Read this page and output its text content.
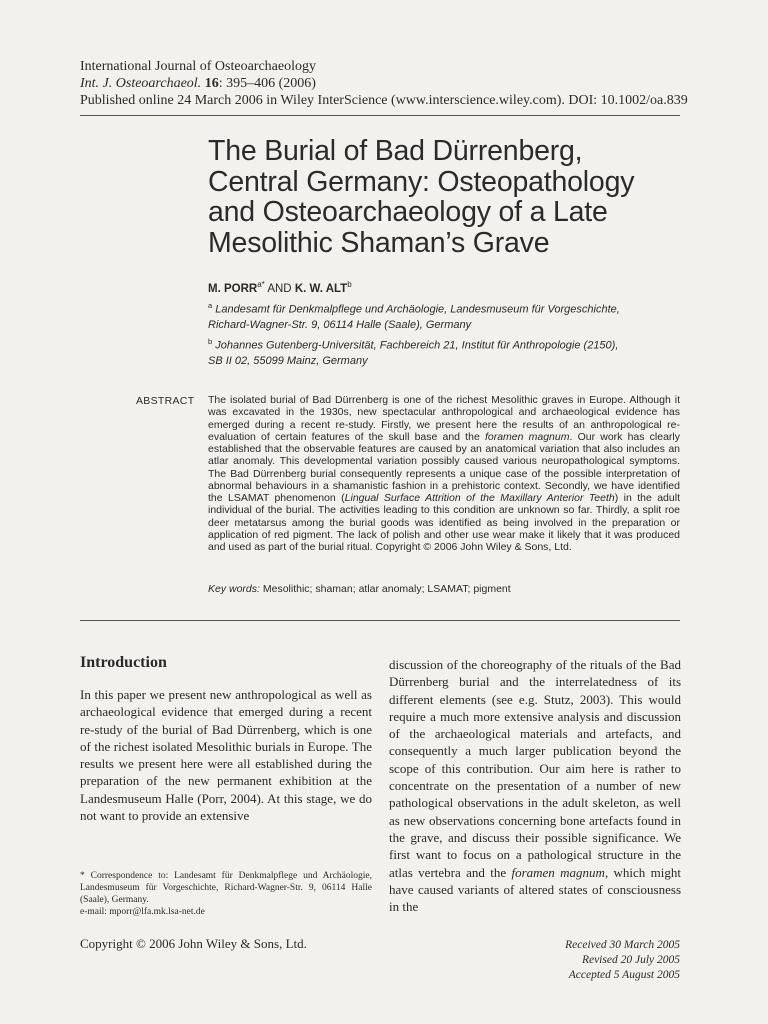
International Journal of Osteoarchaeology
Int. J. Osteoarchaeol. 16: 395–406 (2006)
Published online 24 March 2006 in Wiley InterScience (www.interscience.wiley.com). DOI: 10.1002/oa.839
The Burial of Bad Dürrenberg,
Central Germany: Osteopathology
and Osteoarchaeology of a Late
Mesolithic Shaman’s Grave
M. $PORR^{a*}$ AND K. W. ALT$^b$
$^a$ Landesamt für Denkmalpflege und Archäologie, Landesmuseum für Vorgeschichte,
Richard-Wagner-Str. 9, 06114 Halle (Saale), Germany
$^b$ Johannes Gutenberg-Universität, Fachbereich 21, Institut für Anthropologie (2150),
SB II 02, 55099 Mainz, Germany
ABSTRACT The isolated burial of Bad Dürrenberg is one of the richest Mesolithic graves in Europe. Although it was excavated in the 1930s, new spectacular anthropological and archaeological evidence has emerged during a recent re-study. Firstly, we present here the results of an anthropological re-evaluation of certain features of the skull base and the foramen magnum. Our work has clearly established that the observable features are caused by an anatomical variation that also includes an atlar anomaly. This developmental variation possibly caused various neuropathological symptoms. The Bad Dürrenberg burial consequently represents a unique case of the possible interpretation of abnormal behaviours in a shamanistic fashion in a prehistoric context. Secondly, we have identified the LSAMAT phenomenon (Lingual Surface Attrition of the Maxillary Anterior Teeth) in the adult individual of the burial. The activities leading to this condition are unknown so far. Thirdly, a split roe deer metatarsus among the burial goods was identified as being involved in the preparation or application of red pigment. The lack of polish and other use wear make it likely that it was produced and used as part of the burial ritual. Copyright © 2006 John Wiley & Sons, Ltd.

Key words: Mesolithic; shaman; atlar anomaly; LSAMAT; pigment
Introduction

In this paper we present new anthropological as well as archaeological evidence that emerged during a recent re-study of the burial of Bad Dürrenberg, which is one of the richest isolated Mesolithic burials in Europe. The results we present here were all established during the preparation of the new permanent exhibition at the Landesmuseum Halle (Porr, 2004). At this stage, we do not want to provide an extensive

discussion of the choreography of the rituals of the Bad Dürrenberg burial and the interrelatedness of its different elements (see e.g. Stutz, 2003). This would require a much more extensive analysis and discussion of the archaeological materials and artefacts, and consequently a much larger publication beyond the scope of this contribution. Our aim here is rather to concentrate on the presentation of a number of new pathological observations in the adult skeleton, as well as new observations concerning bone artefacts found in the grave, and discuss their possible significance. We first want to focus on a pathological structure in the atlas vertebra and the foramen magnum, which might have caused variants of altered states of consciousness in the

* Correspondence to: Landesamt für Denkmalpflege und Archäologie, Landesmuseum für Vorgeschichte, Richard-Wagner-Str. 9, 06114 Halle (Saale), Germany.
e-mail: mporr@lfa.mk.lsa-net.de
Copyright © 2006 John Wiley & Sons, Ltd.	Received 30 March 2005
Revised 20 July 2005
Accepted 5 August 2005
